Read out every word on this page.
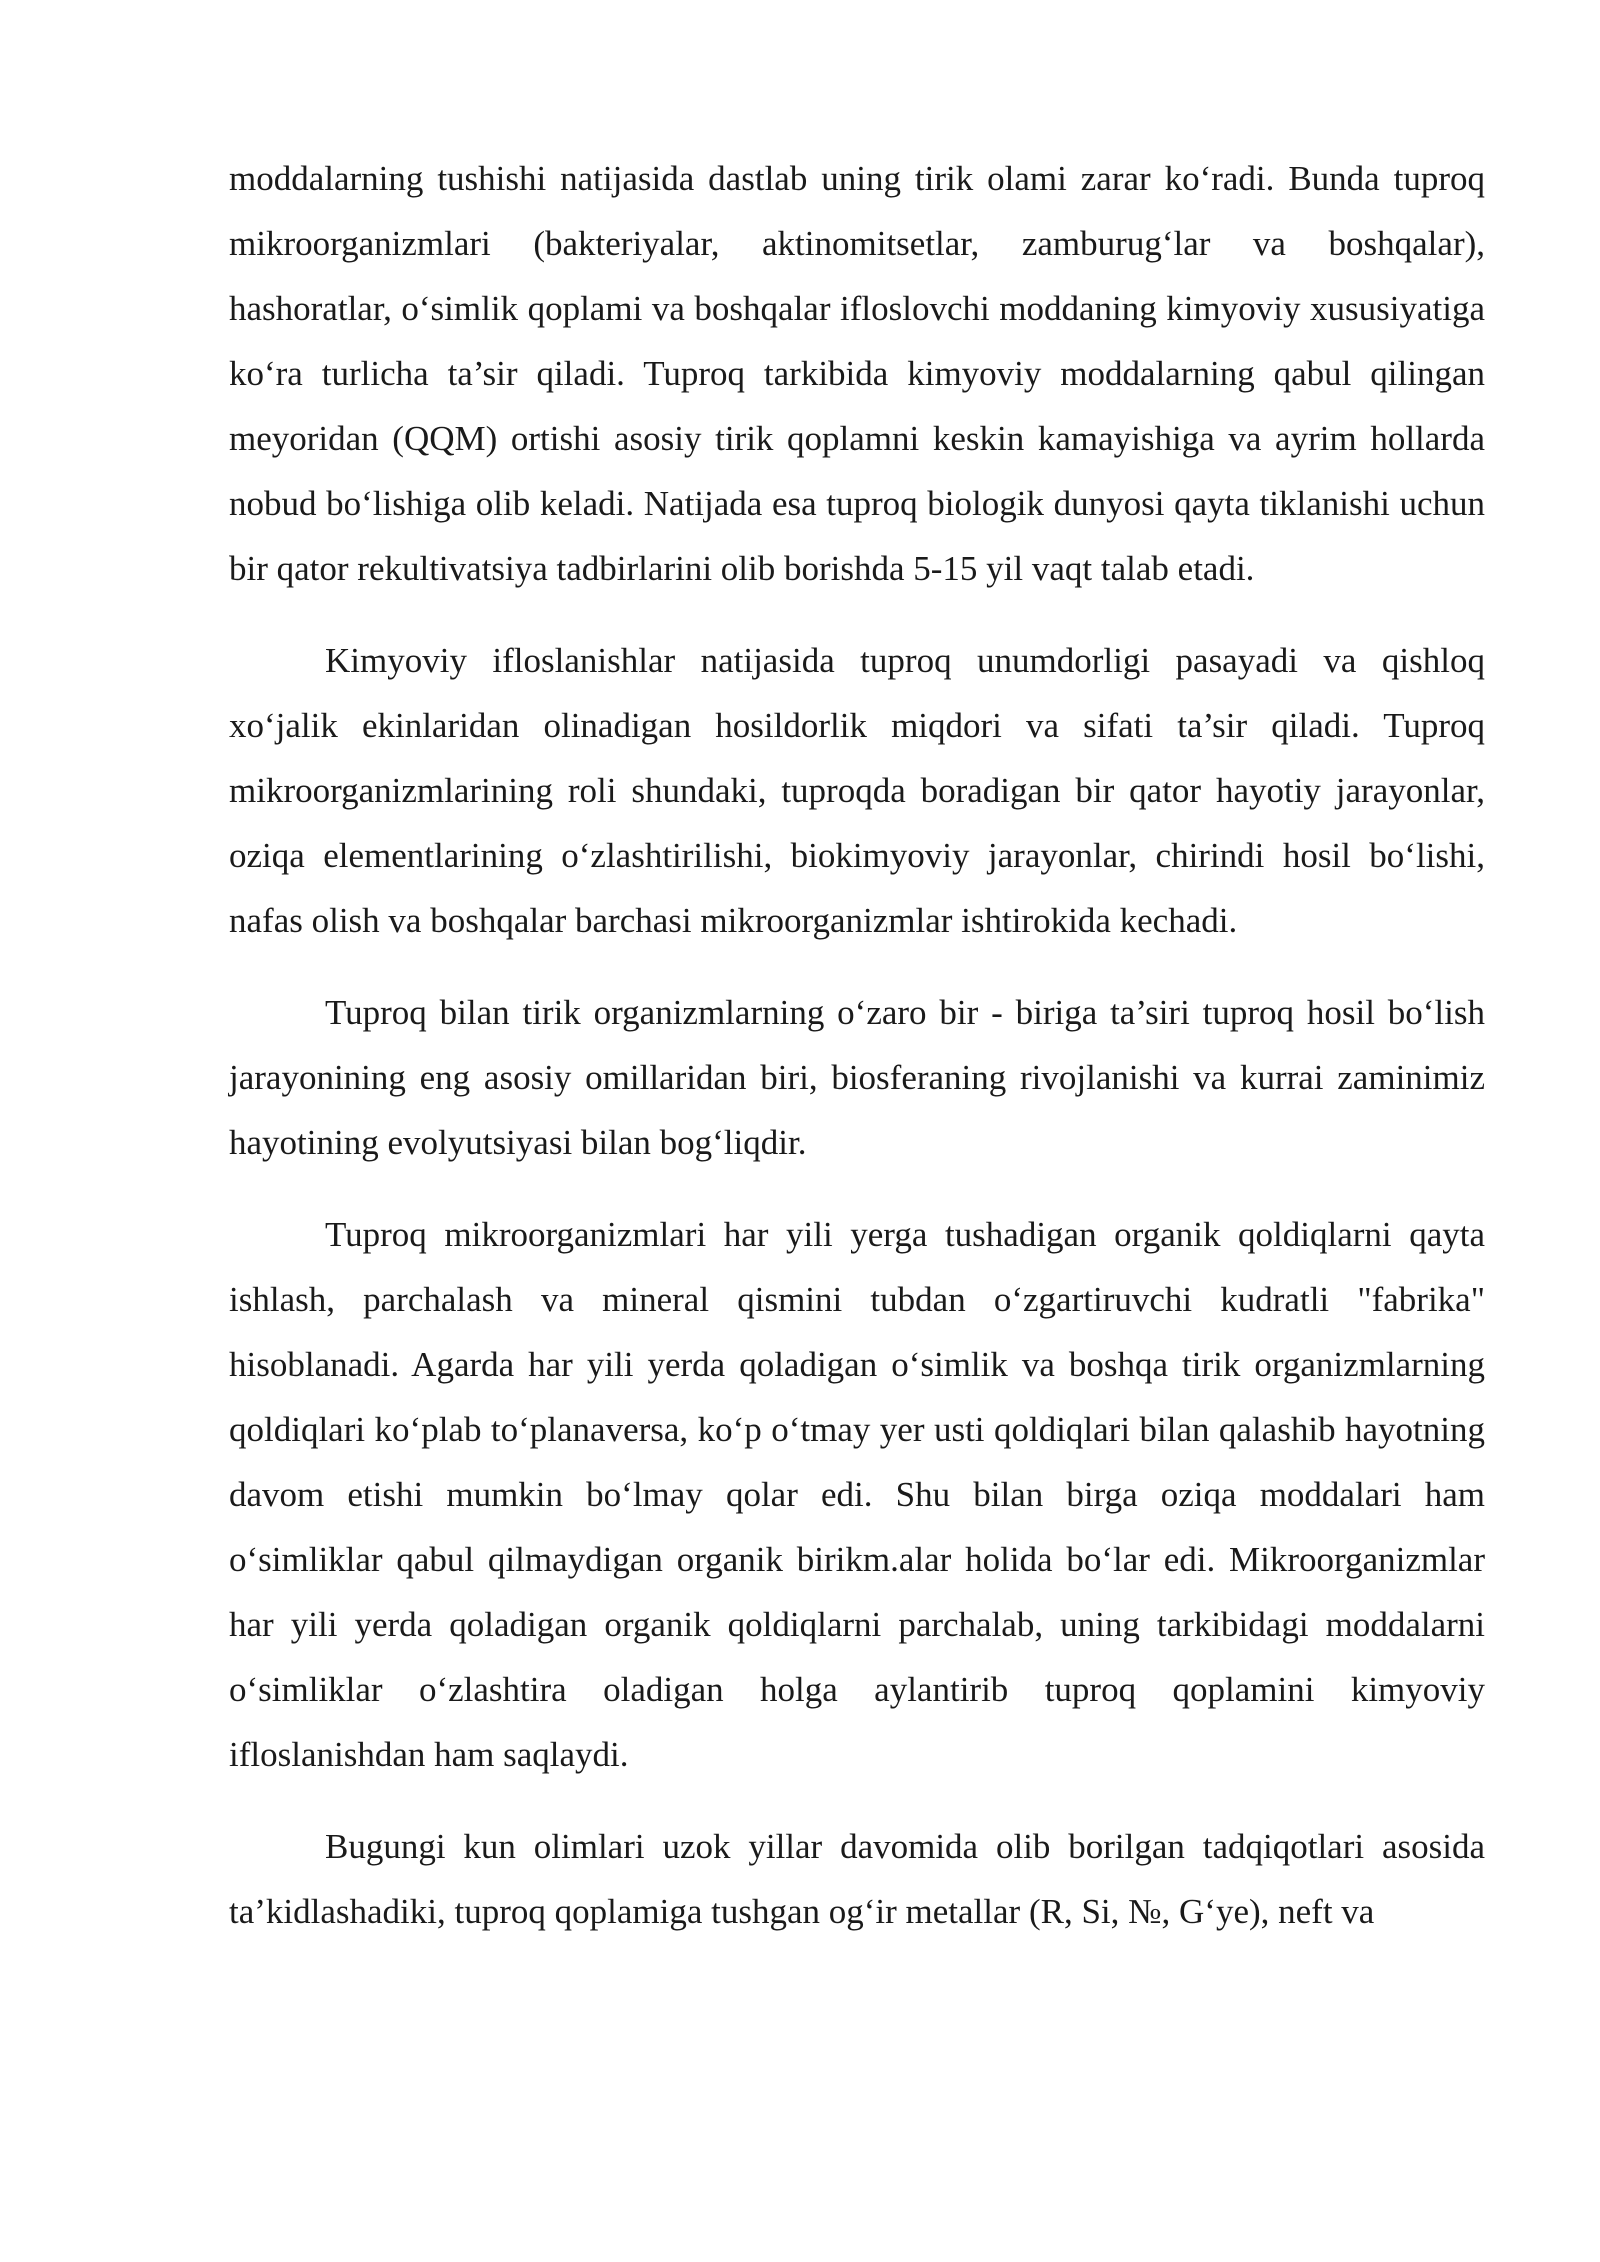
moddalarning tushishi natijasida dastlab uning tirik olami zarar ko‘radi. Bunda tuproq mikroorganizmlari (bakteriyalar, aktinomitsetlar, zamburug‘lar va boshqalar), hashoratlar, o‘simlik qoplami va boshqalar ifloslovchi moddaning kimyoviy xususiyatiga ko‘ra turlicha ta’sir qiladi. Tuproq tarkibida kimyoviy moddalarning qabul qilingan meyoridan (QQM) ortishi asosiy tirik qoplamni keskin kamayishiga va ayrim hollarda nobud bo‘lishiga olib keladi. Natijada esa tuproq biologik dunyosi qayta tiklanishi uchun bir qator rekultivatsiya tadbirlarini olib borishda 5-15 yil vaqt talab etadi.

Kimyoviy ifloslanishlar natijasida tuproq unumdorligi pasayadi va qishloq xo‘jalik ekinlaridan olinadigan hosildorlik miqdori va sifati ta’sir qiladi. Tuproq mikroorganizmlarining roli shundaki, tuproqda boradigan bir qator hayotiy jarayonlar, oziqa elementlarining o‘zlashtirilishi, biokimyoviy jarayonlar, chirindi hosil bo‘lishi, nafas olish va boshqalar barchasi mikroorganizmlar ishtirokida kechadi.

Tuproq bilan tirik organizmlarning o‘zaro bir - biriga ta’siri tuproq hosil bo‘lish jarayonining eng asosiy omillaridan biri, biosferaning rivojlanishi va kurrai zaminimiz hayotining evolyutsiyasi bilan bog‘liqdir.

Tuproq mikroorganizmlari har yili yerga tushadigan organik qoldiqlarni qayta ishlash, parchalash va mineral qismini tubdan o‘zgartiruvchi kudratli "fabrika" hisoblanadi. Agarda har yili yerda qoladigan o‘simlik va boshqa tirik organizmlarning qoldiqlari ko‘plab to‘planaversa, ko‘p o‘tmay yer usti qoldiqlari bilan qalashib hayotning davom etishi mumkin bo‘lmay qolar edi. Shu bilan birga oziqa moddalari ham o‘simliklar qabul qilmaydigan organik birikm.alar holida bo‘lar edi. Mikroorganizmlar har yili yerda qoladigan organik qoldiqlarni parchalab, uning tarkibidagi moddalarni o‘simliklar o‘zlashtira oladigan holga aylantirib tuproq qoplamini kimyoviy ifloslanishdan ham saqlaydi.

Bugungi kun olimlari uzok yillar davomida olib borilgan tadqiqotlari asosida ta’kidlashadiki, tuproq qoplamiga tushgan og‘ir metallar (R, Si, №, G‘ye), neft va
